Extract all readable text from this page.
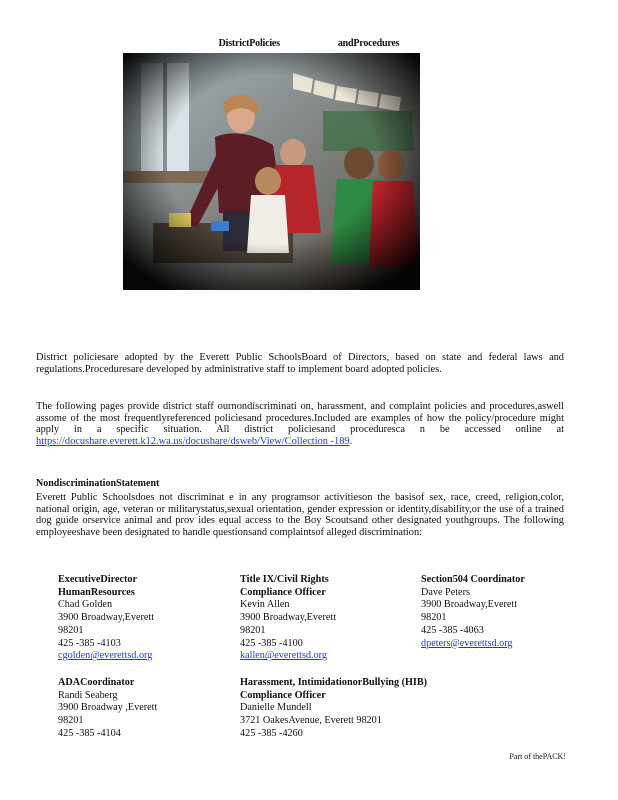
DistrictPolicies	andProcedures
District policiesare adopted by the Everett Public SchoolsBoard of Directors, based on state and federal laws and regulations.Proceduresare developed by administrative staff to implement board adopted policies.
The following pages provide district staff ournondiscriminati on, harassment, and complaint policies and procedures,aswell assome of the most frequentlyreferenced policiesand procedures.Included are examples of how the policy/procedure might apply in a specific situation. All district policiesand proceduresca n be accessed online at https://docushare.everett.k12.wa.us/docushare/dsweb/View/Collection -189.
NondiscriminationStatement
Everett Public Schoolsdoes not discriminat e in any programsor activitieson the basisof sex, race, creed, religion,color, national origin, age, veteran or militarystatus,sexual orientation, gender expression or identity,disability,or the use of a trained dog guide orservice animal and prov ides equal access to the Boy Scoutsand other designated youthgroups. The following employeeshave been designated to handle questionsand complaintsof alleged discrimination:
ExecutiveDirector
HumanResources
Chad Golden
3900 Broadway,Everett
98201
425 -385 -4103
cgolden@everettsd.org
Title IX/Civil Rights
Compliance Officer
Kevin Allen
3900 Broadway,Everett
98201
425 -385 -4100
kallen@everettsd.org
Section504 Coordinator
Dave Peters
3900 Broadway,Everett
98201
425 -385 -4063
dpeters@everettsd.org
ADACoordinator
Randi Seaberg
3900 Broadway ,Everett
98201
425 -385 -4104
Harassment, IntimidationorBullying (HIB)
Compliance Officer
Danielle Mundell
3721 OakesAvenue, Everett 98201
425 -385 -4260
Part of thePACK!
